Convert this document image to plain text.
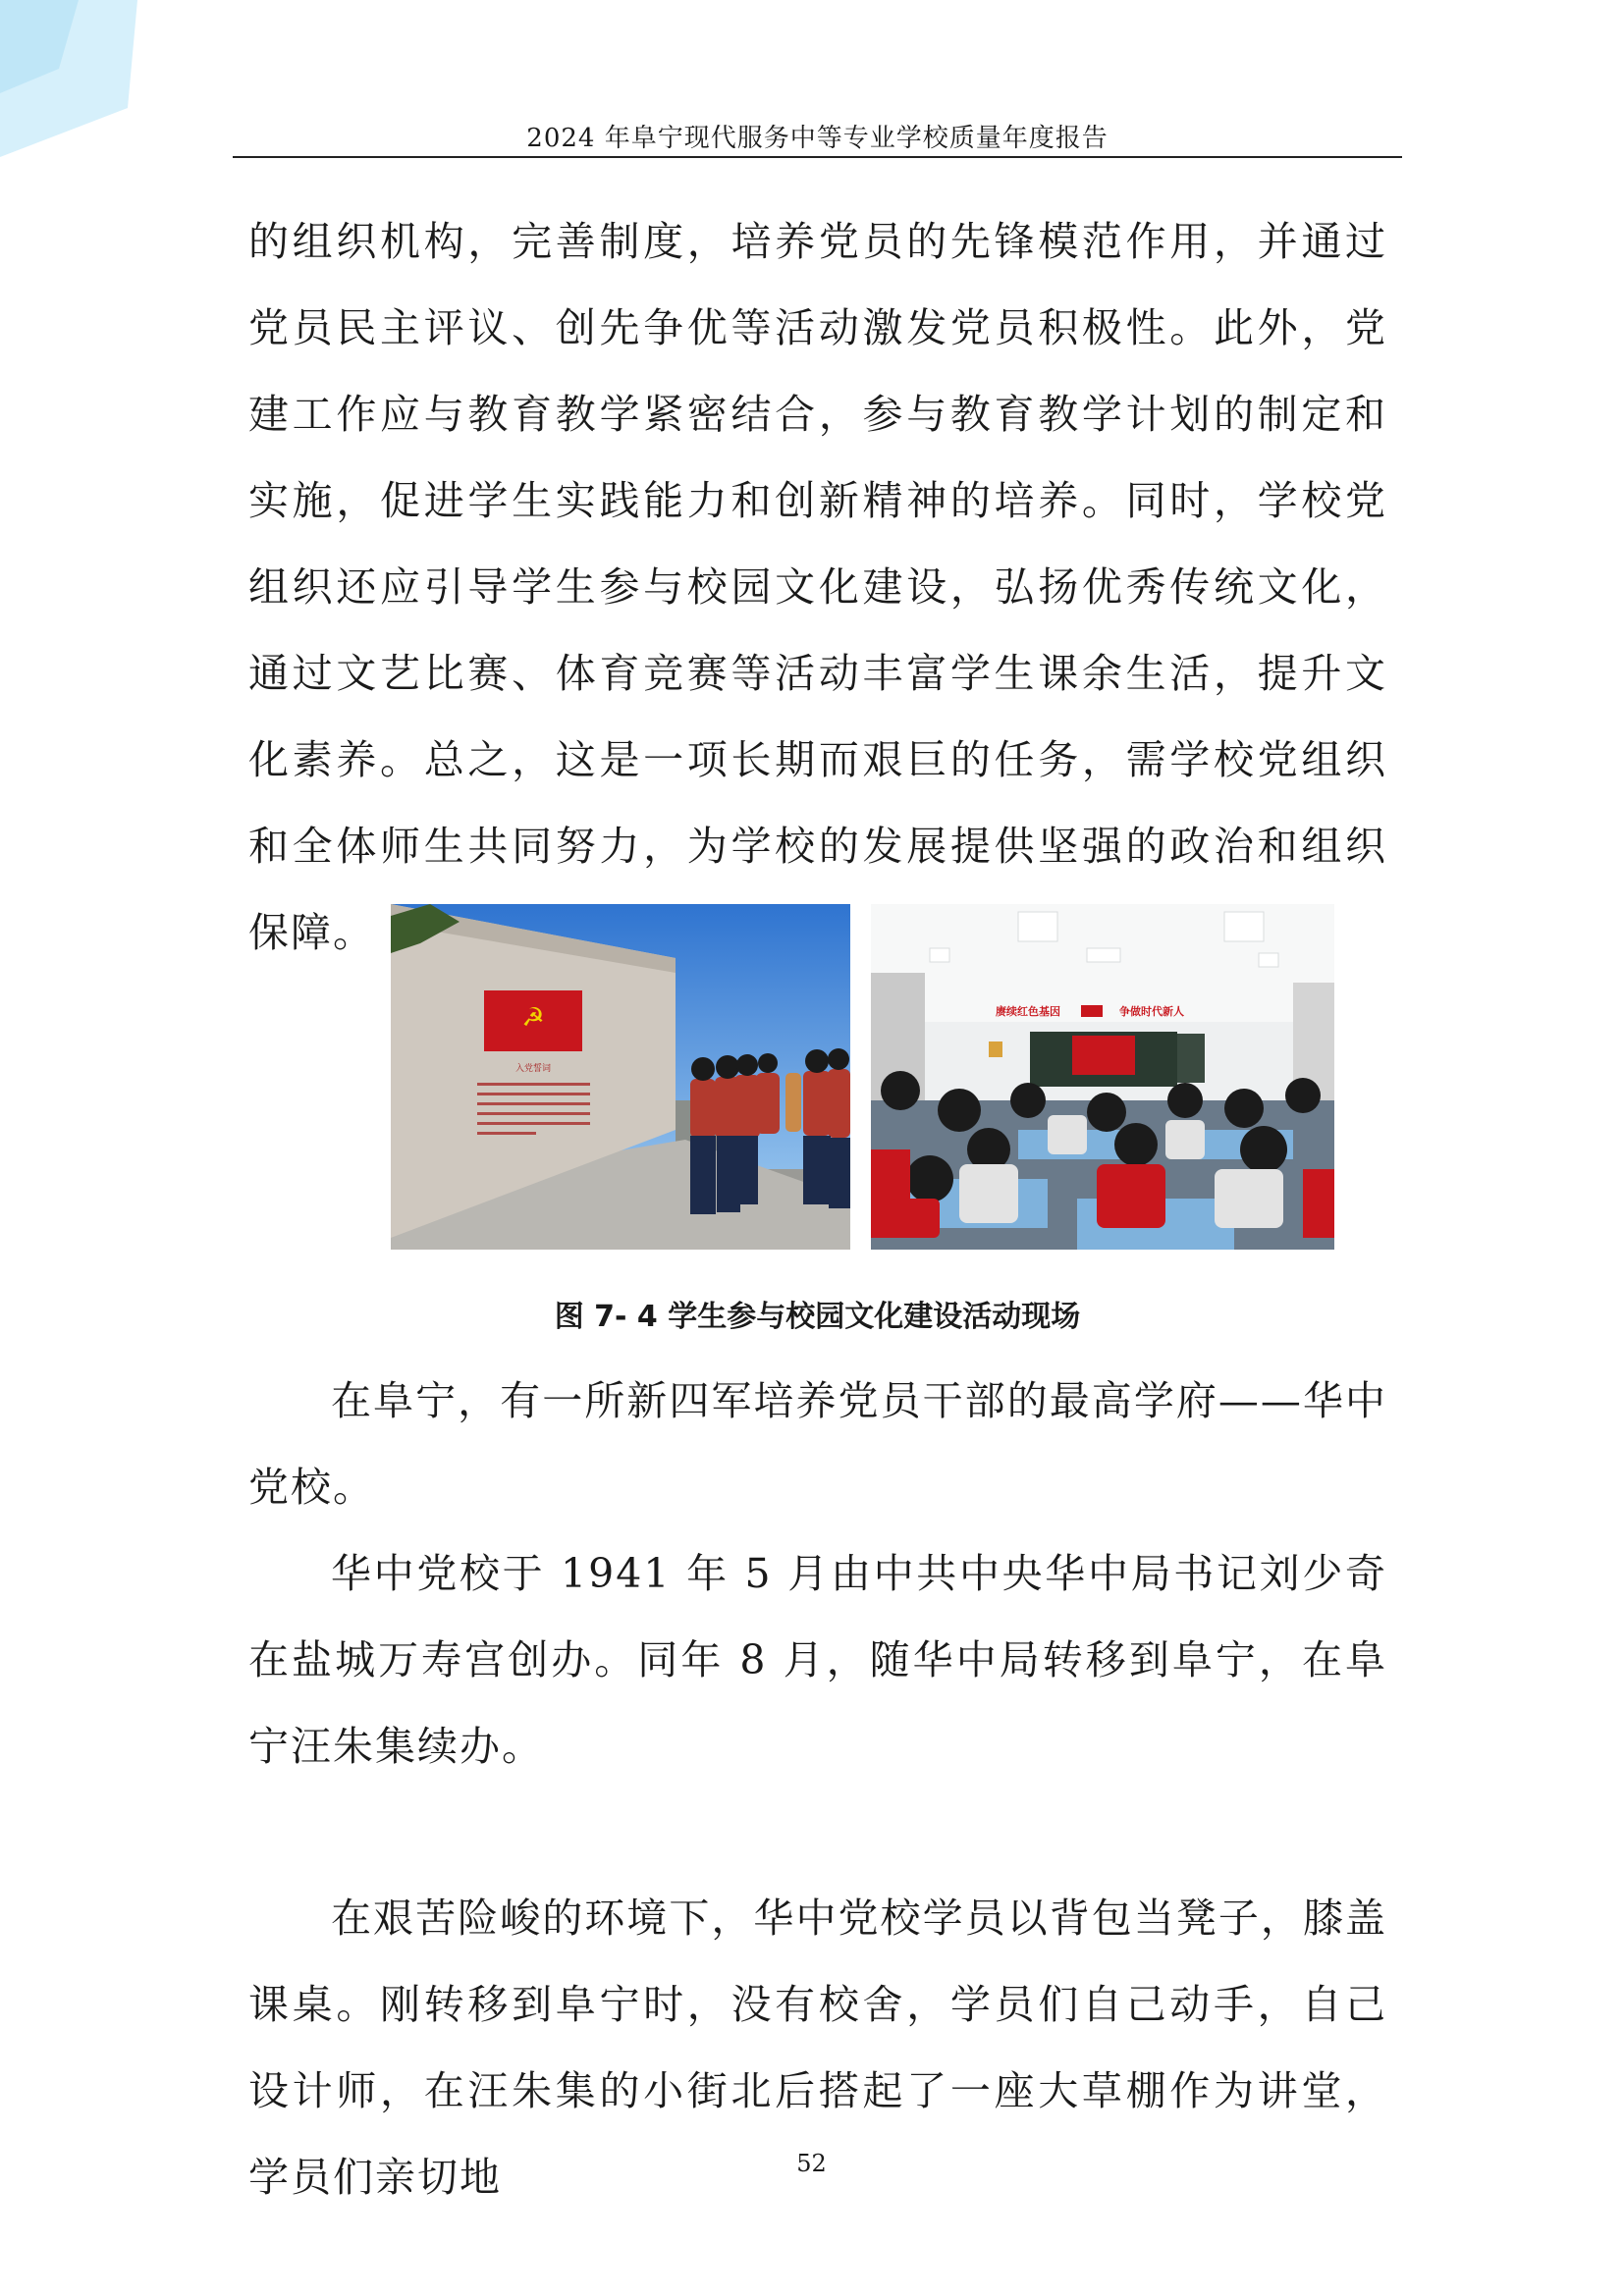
2024 年阜宁现代服务中等专业学校质量年度报告

的组织机构，完善制度，培养党员的先锋模范作用，并通过党员民主评议、创先争优等活动激发党员积极性。此外，党建工作应与教育教学紧密结合，参与教育教学计划的制定和实施，促进学生实践能力和创新精神的培养。同时，学校党组织还应引导学生参与校园文化建设，弘扬优秀传统文化，通过文艺比赛、体育竞赛等活动丰富学生课余生活，提升文化素养。总之，这是一项长期而艰巨的任务，需学校党组织和全体师生共同努力，为学校的发展提供坚强的政治和组织保障。

☭
入党誓词
赓续红色基因	争做时代新人
图 7- 4 学生参与校园文化建设活动现场

在阜宁，有一所新四军培养党员干部的最高学府——华中党校。

华中党校于 1941 年 5 月由中共中央华中局书记刘少奇在盐城万寿宫创办。同年 8 月，随华中局转移到阜宁，在阜宁汪朱集续办。

在艰苦险峻的环境下，华中党校学员以背包当凳子，膝盖课桌。刚转移到阜宁时，没有校舍，学员们自己动手，自己设计师，在汪朱集的小街北后搭起了一座大草棚作为讲堂，学员们亲切地	52
